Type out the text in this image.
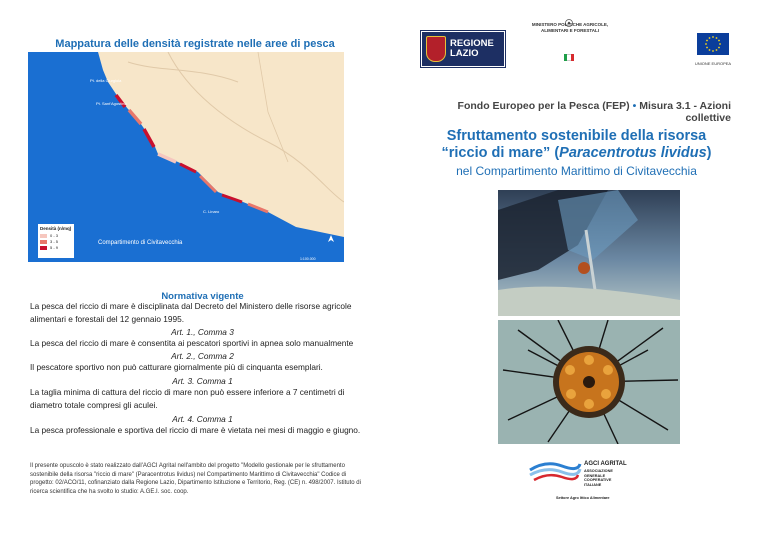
Mappatura delle densità registrate nelle aree di pesca
Pt. della Ciurgiola
Pt. Sant'Agostino
C. Linaro
Densità (n/mq)
0 - 3
3 - 5
5 - 9
Compartimento di Civitavecchia
1:100.000
Normativa vigente
La pesca del riccio di mare è disciplinata dal Decreto del Ministero delle risorse agricole alimentari e forestali del 12 gennaio 1995.
Art. 1., Comma 3
La pesca del riccio di mare è consentita ai pescatori sportivi in apnea solo manualmente
Art. 2., Comma 2
Il pescatore sportivo non può catturare giornalmente più di cinquanta esemplari.
Art. 3. Comma 1
La taglia minima di cattura del riccio di mare non può essere inferiore a 7 centimetri di diametro totale compresi gli aculei.
Art. 4. Comma 1
La pesca professionale e sportiva del riccio di mare è vietata nei mesi di maggio e giugno.
Il presente opuscolo è stato realizzato dall'AGCI Agrital nell'ambito del progetto "Modello gestionale per le sfruttamento sostenibile della risorsa "riccio di mare" (Paracentrotus lividus) nel Compartimento Marittimo di Civitavecchia" Codice di progetto: 02/ACO/11, cofinanziato dalla Regione Lazio, Dipartimento Istituzione e Territorio, Reg. (CE) n. 498/2007. Istituto di ricerca scientifica che ha svolto lo studio: A.GE.I. soc. coop.
REGIONE
LAZIO
MINISTERO POLITICHE AGRICOLE, ALIMENTARI E FORESTALI
UNIONE EUROPEA
Fondo Europeo per la Pesca (FEP) • Misura 3.1 - Azioni collettive
Sfruttamento sostenibile della risorsa
“riccio di mare” (Paracentrotus lividus)
nel Compartimento Marittimo di Civitavecchia
AGCI AGRITAL
ASSOCIAZIONE
GENERALE
COOPERATIVE
ITALIANE
Settore Agro Ittico Alimentare
